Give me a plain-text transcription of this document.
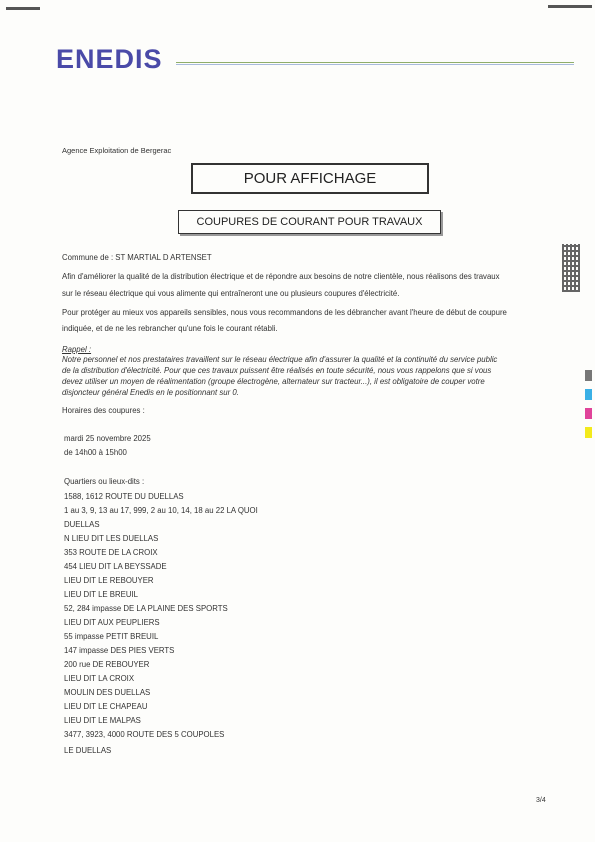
ENEDIS
Agence Exploitation de Bergerac
POUR AFFICHAGE
COUPURES DE COURANT POUR TRAVAUX
Commune de : ST MARTIAL D ARTENSET
Afin d'améliorer la qualité de la distribution électrique et de répondre aux besoins de notre clientèle, nous réalisons des travaux
sur le réseau électrique qui vous alimente qui entraîneront une ou plusieurs coupures d'électricité.
Pour protéger au mieux vos appareils sensibles, nous vous recommandons de les débrancher avant l'heure de début de coupure
indiquée, et de ne les rebrancher qu'une fois le courant rétabli.
Rappel :
Notre personnel et nos prestataires travaillent sur le réseau électrique afin d'assurer la qualité et la continuité du service public
de la distribution d'électricité. Pour que ces travaux puissent être réalisés en toute sécurité, nous vous rappelons que si vous
devez utiliser un moyen de réalimentation (groupe électrogène, alternateur sur tracteur...), il est obligatoire de couper votre
disjoncteur général Enedis en le positionnant sur 0.
Horaires des coupures :
mardi 25 novembre 2025
de 14h00 à 15h00
Quartiers ou lieux-dits :
1588, 1612 ROUTE DU DUELLAS
1 au 3, 9, 13 au 17, 999, 2 au 10, 14, 18 au 22 LA QUOI
DUELLAS
N LIEU DIT LES DUELLAS
353 ROUTE DE LA CROIX
454 LIEU DIT LA BEYSSADE
LIEU DIT LE REBOUYER
LIEU DIT LE BREUIL
52, 284 impasse DE LA PLAINE DES SPORTS
LIEU DIT AUX PEUPLIERS
55 impasse PETIT BREUIL
147 impasse DES PIES VERTS
200 rue DE REBOUYER
LIEU DIT LA CROIX
MOULIN DES DUELLAS
LIEU DIT LE CHAPEAU
LIEU DIT LE MALPAS
3477, 3923, 4000 ROUTE DES 5 COUPOLES
LE DUELLAS
3/4
